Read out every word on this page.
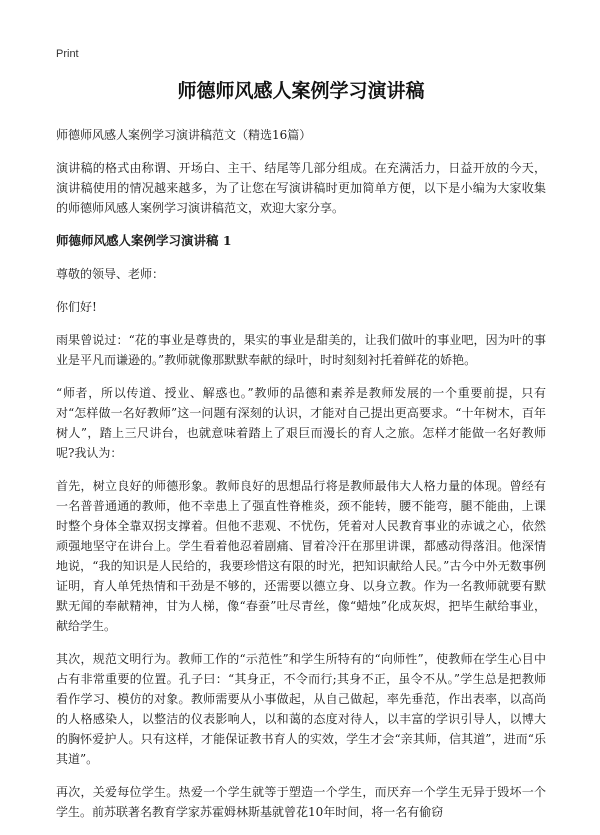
Print
师德师风感人案例学习演讲稿
师德师风感人案例学习演讲稿范文（精选16篇）
演讲稿的格式由称谓、开场白、主干、结尾等几部分组成。在充满活力，日益开放的今天，演讲稿使用的情况越来越多，为了让您在写演讲稿时更加简单方便，以下是小编为大家收集的师德师风感人案例学习演讲稿范文，欢迎大家分享。
师德师风感人案例学习演讲稿 1
尊敬的领导、老师：
你们好!
雨果曾说过：“花的事业是尊贵的，果实的事业是甜美的，让我们做叶的事业吧，因为叶的事业是平凡而谦逊的。”教师就像那默默奉献的绿叶，时时刻刻衬托着鲜花的娇艳。
“师者，所以传道、授业、解惑也。”教师的品德和素养是教师发展的一个重要前提，只有对“怎样做一名好教师”这一问题有深刻的认识，才能对自己提出更高要求。“十年树木，百年树人”，踏上三尺讲台，也就意味着踏上了艰巨而漫长的育人之旅。怎样才能做一名好教师呢?我认为：
首先，树立良好的师德形象。教师良好的思想品行将是教师最伟大人格力量的体现。曾经有一名普普通通的教师，他不幸患上了强直性脊椎炎，颈不能转，腰不能弯，腿不能曲，上课时整个身体全靠双拐支撑着。但他不悲观、不忧伤，凭着对人民教育事业的赤诚之心，依然顽强地坚守在讲台上。学生看着他忍着剧痛、冒着冷汗在那里讲课，都感动得落泪。他深情地说，“我的知识是人民给的，我要珍惜这有限的时光，把知识献给人民。”古今中外无数事例证明，育人单凭热情和干劲是不够的，还需要以德立身、以身立教。作为一名教师就要有默默无闻的奉献精神，甘为人梯，像“春蚕”吐尽青丝，像“蜡烛”化成灰烬，把毕生献给事业，献给学生。
其次，规范文明行为。教师工作的“示范性”和学生所特有的“向师性”，使教师在学生心目中占有非常重要的位置。孔子曰：“其身正，不令而行;其身不正，虽令不从。”学生总是把教师看作学习、模仿的对象。教师需要从小事做起，从自己做起，率先垂范，作出表率，以高尚的人格感染人，以整洁的仪表影响人，以和蔼的态度对待人，以丰富的学识引导人，以博大的胸怀爱护人。只有这样，才能保证教书育人的实效，学生才会“亲其师，信其道”，进而“乐其道”。
再次，关爱每位学生。热爱一个学生就等于塑造一个学生，而厌弃一个学生无异于毁坏一个学生。前苏联著名教育学家苏霍姆林斯基就曾花10年时间，将一名有偷窃
